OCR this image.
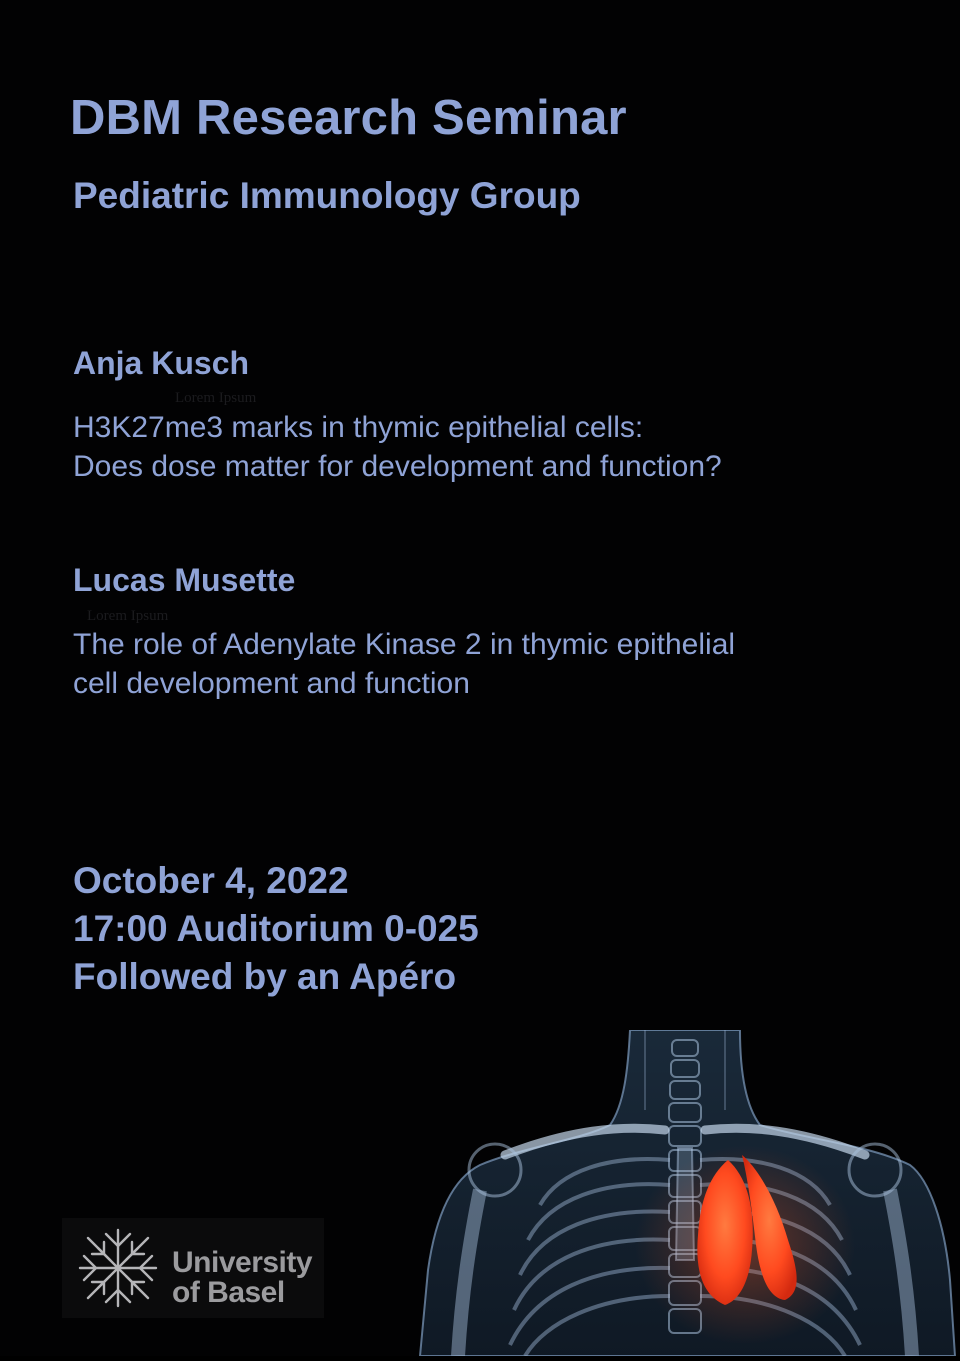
DBM Research Seminar
Pediatric Immunology Group
Anja Kusch
Lorem Ipsum
H3K27me3 marks in thymic epithelial cells:
Does dose matter for development and function?
Lucas Musette
Lorem Ipsum
The role of Adenylate Kinase 2 in thymic epithelial
cell development and function
October 4, 2022
17:00 Auditorium 0-025
Followed by an Apéro
University
of Basel
